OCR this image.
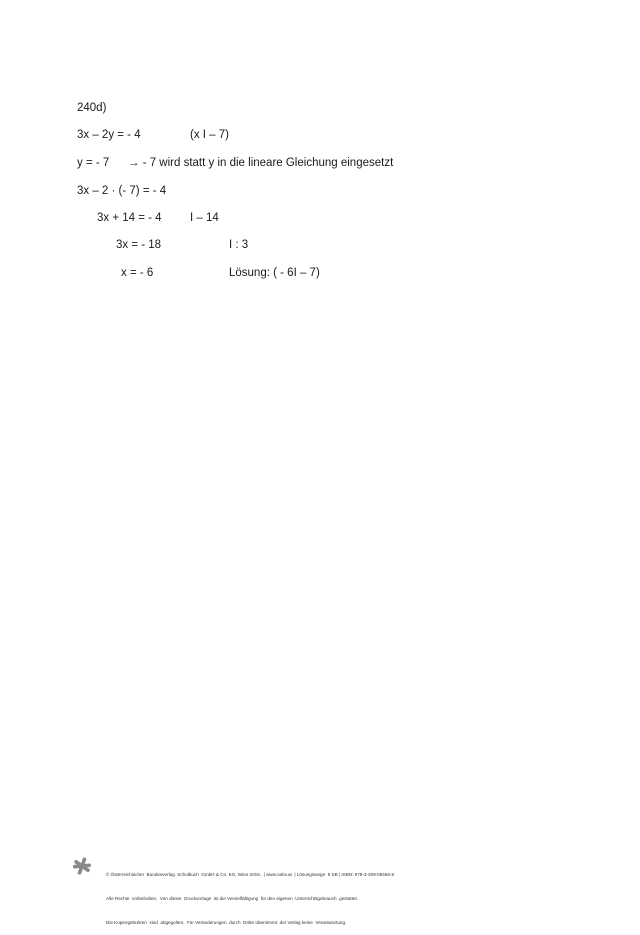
240d)
3x – 2y = - 4	(x I – 7)
y = - 7 → - 7 wird statt y in die lineare Gleichung eingesetzt
3x – 2 · (- 7) = - 4
3x + 14 = - 4 I – 14
3x = - 18	I : 3
x = - 6	Lösung: ( - 6I – 7)

© Österreichischer  Bundesverlag  Schulbuch  GmbH & Co. KG, Wien 2015.  | www.oebv.at  | Lösungswege  5 SB | ISBN: 978-3-209-08466-8

Alle Rechte  vorbehalten.  Von dieser  Druckvorlage  ist die Vervielfältigung  für den eigenen  Unterrichtsgebrauch  gestattet.

Die Kopiergebühren  sind  abgegolten.  Für Veränderungen  durch  Dritte übernimmt  der Verlag keine  Verantwortung.
